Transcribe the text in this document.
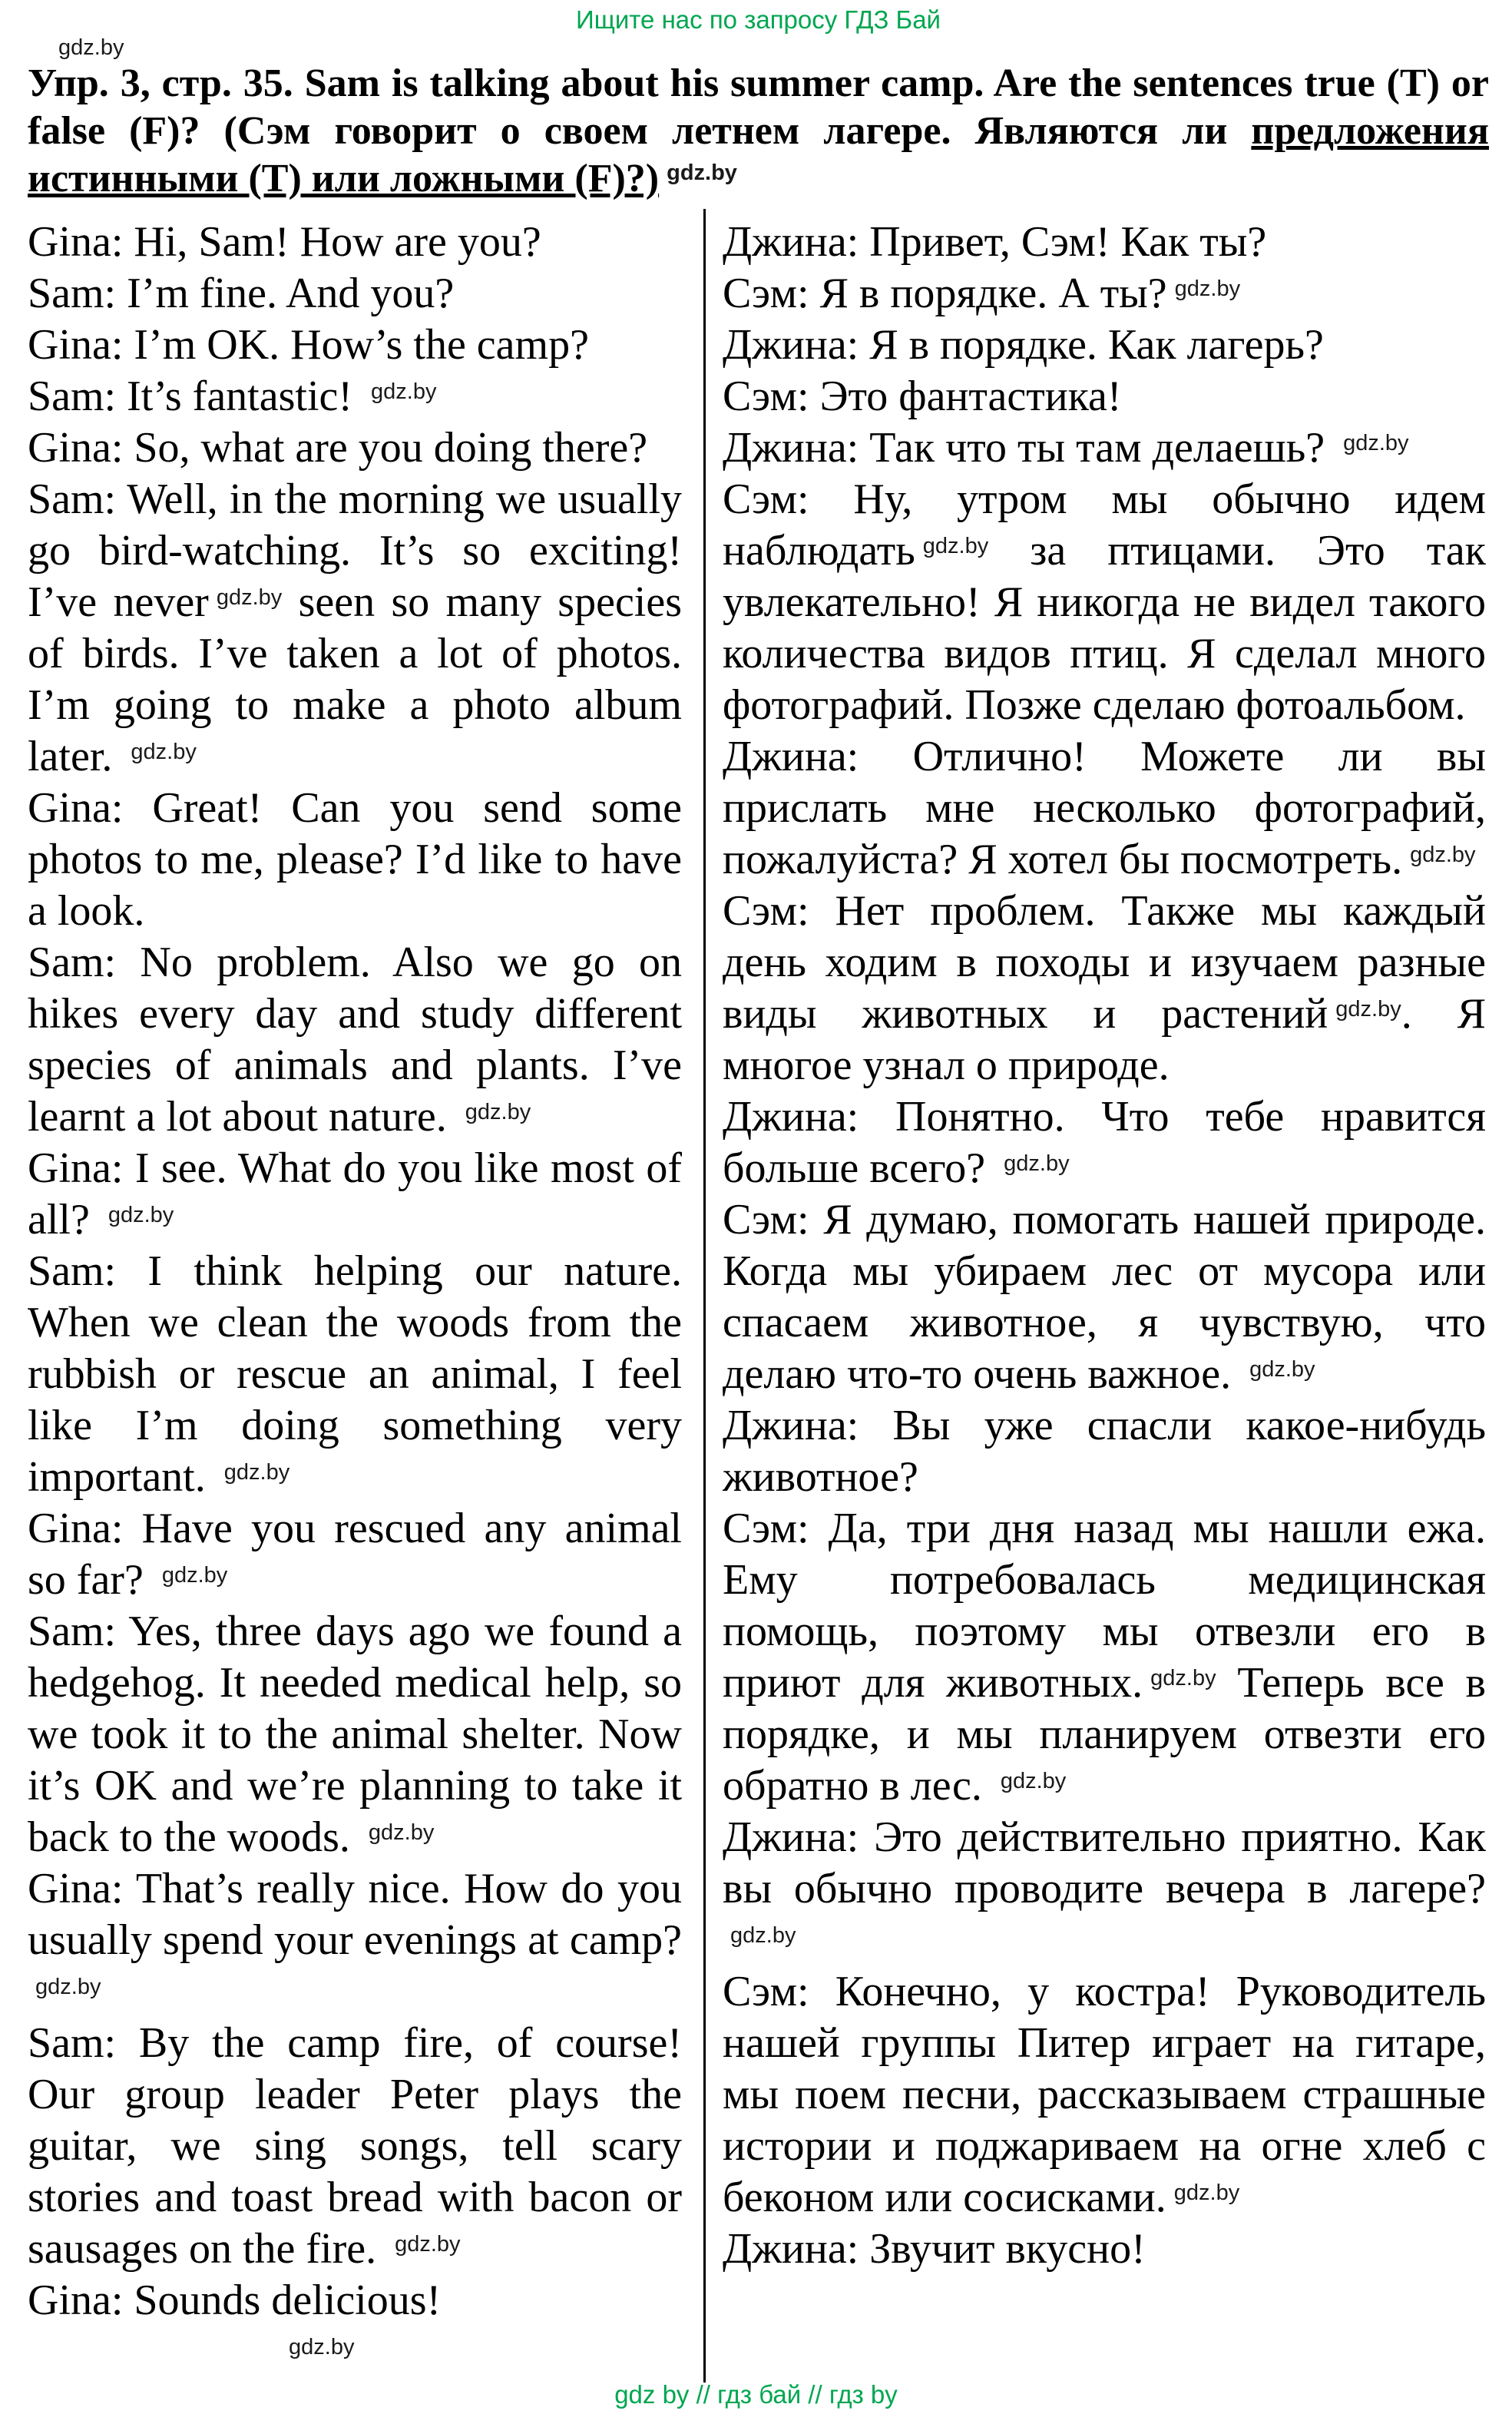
Ищите нас по запросу ГДЗ Бай
gdz.by
Упр. 3, стр. 35. Sam is talking about his summer camp. Are the sentences true (T) or false (F)? (Сэм говорит о своем летнем лагере. Являются ли предложения истинными (T) или ложными (F)?) $^{gdz.by}$

Gina: Hi, Sam! How are you?

Sam: I’m fine. And you?

Gina: I’m OK. How’s the camp?

Sam: It’s fantastic! $^{gdz.by}$

Gina: So, what are you doing there?

Sam: Well, in the morning we usually go bird-watching. It’s so exciting! I’ve never $^{gdz.by}$ seen so many species of birds. I’ve taken a lot of photos. I’m going to make a photo album later. $^{gdz.by}$

Gina: Great! Can you send some photos to me, please? I’d like to have a look.

Sam: No problem. Also we go on hikes every day and study different species of animals and plants. I’ve learnt a lot about nature. $^{gdz.by}$

Gina: I see. What do you like most of all? $^{gdz.by}$

Sam: I think helping our nature. When we clean the woods from the rubbish or rescue an animal, I feel like I’m doing something very important. $^{gdz.by}$

Gina: Have you rescued any animal so far? $^{gdz.by}$

Sam: Yes, three days ago we found a hedgehog. It needed medical help, so we took it to the animal shelter. Now it’s OK and we’re planning to take it back to the woods. $^{gdz.by}$

Gina: That’s really nice. How do you usually spend your evenings at camp? $^{gdz.by}$

Sam: By the camp fire, of course! Our group leader Peter plays the guitar, we sing songs, tell scary stories and toast bread with bacon or sausages on the fire. $^{gdz.by}$

Gina: Sounds delicious!

$^{gdz.by}$

Джина: Привет, Сэм! Как ты?

Сэм: Я в порядке. А ты? $^{gdz.by}$

Джина: Я в порядке. Как лагерь?

Сэм: Это фантастика!

Джина: Так что ты там делаешь? $^{gdz.by}$

Сэм: Ну, утром мы обычно идем наблюдать $^{gdz.by}$ за птицами. Это так увлекательно! Я никогда не видел такого количества видов птиц. Я сделал много фотографий. Позже сделаю фотоальбом.

Джина: Отлично! Можете ли вы прислать мне несколько фотографий, пожалуйста? Я хотел бы посмотреть. $^{gdz.by}$

Сэм: Нет проблем. Также мы каждый день ходим в походы и изучаем разные виды животных и растений $^{gdz.by}$. Я многое узнал о природе.

Джина: Понятно. Что тебе нравится больше всего? $^{gdz.by}$

Сэм: Я думаю, помогать нашей природе. Когда мы убираем лес от мусора или спасаем животное, я чувствую, что делаю что-то очень важное. $^{gdz.by}$

Джина: Вы уже спасли какое-нибудь животное?

Сэм: Да, три дня назад мы нашли ежа. Ему потребовалась медицинская помощь, поэтому мы отвезли его в приют для животных. $^{gdz.by}$ Теперь все в порядке, и мы планируем отвезти его обратно в лес. $^{gdz.by}$

Джина: Это действительно приятно. Как вы обычно проводите вечера в лагере? $^{gdz.by}$

Сэм: Конечно, у костра! Руководитель нашей группы Питер играет на гитаре, мы поем песни, рассказываем страшные истории и поджариваем на огне хлеб с беконом или сосисками. $^{gdz.by}$

Джина: Звучит вкусно!

gdz by // гдз бай // гдз by
